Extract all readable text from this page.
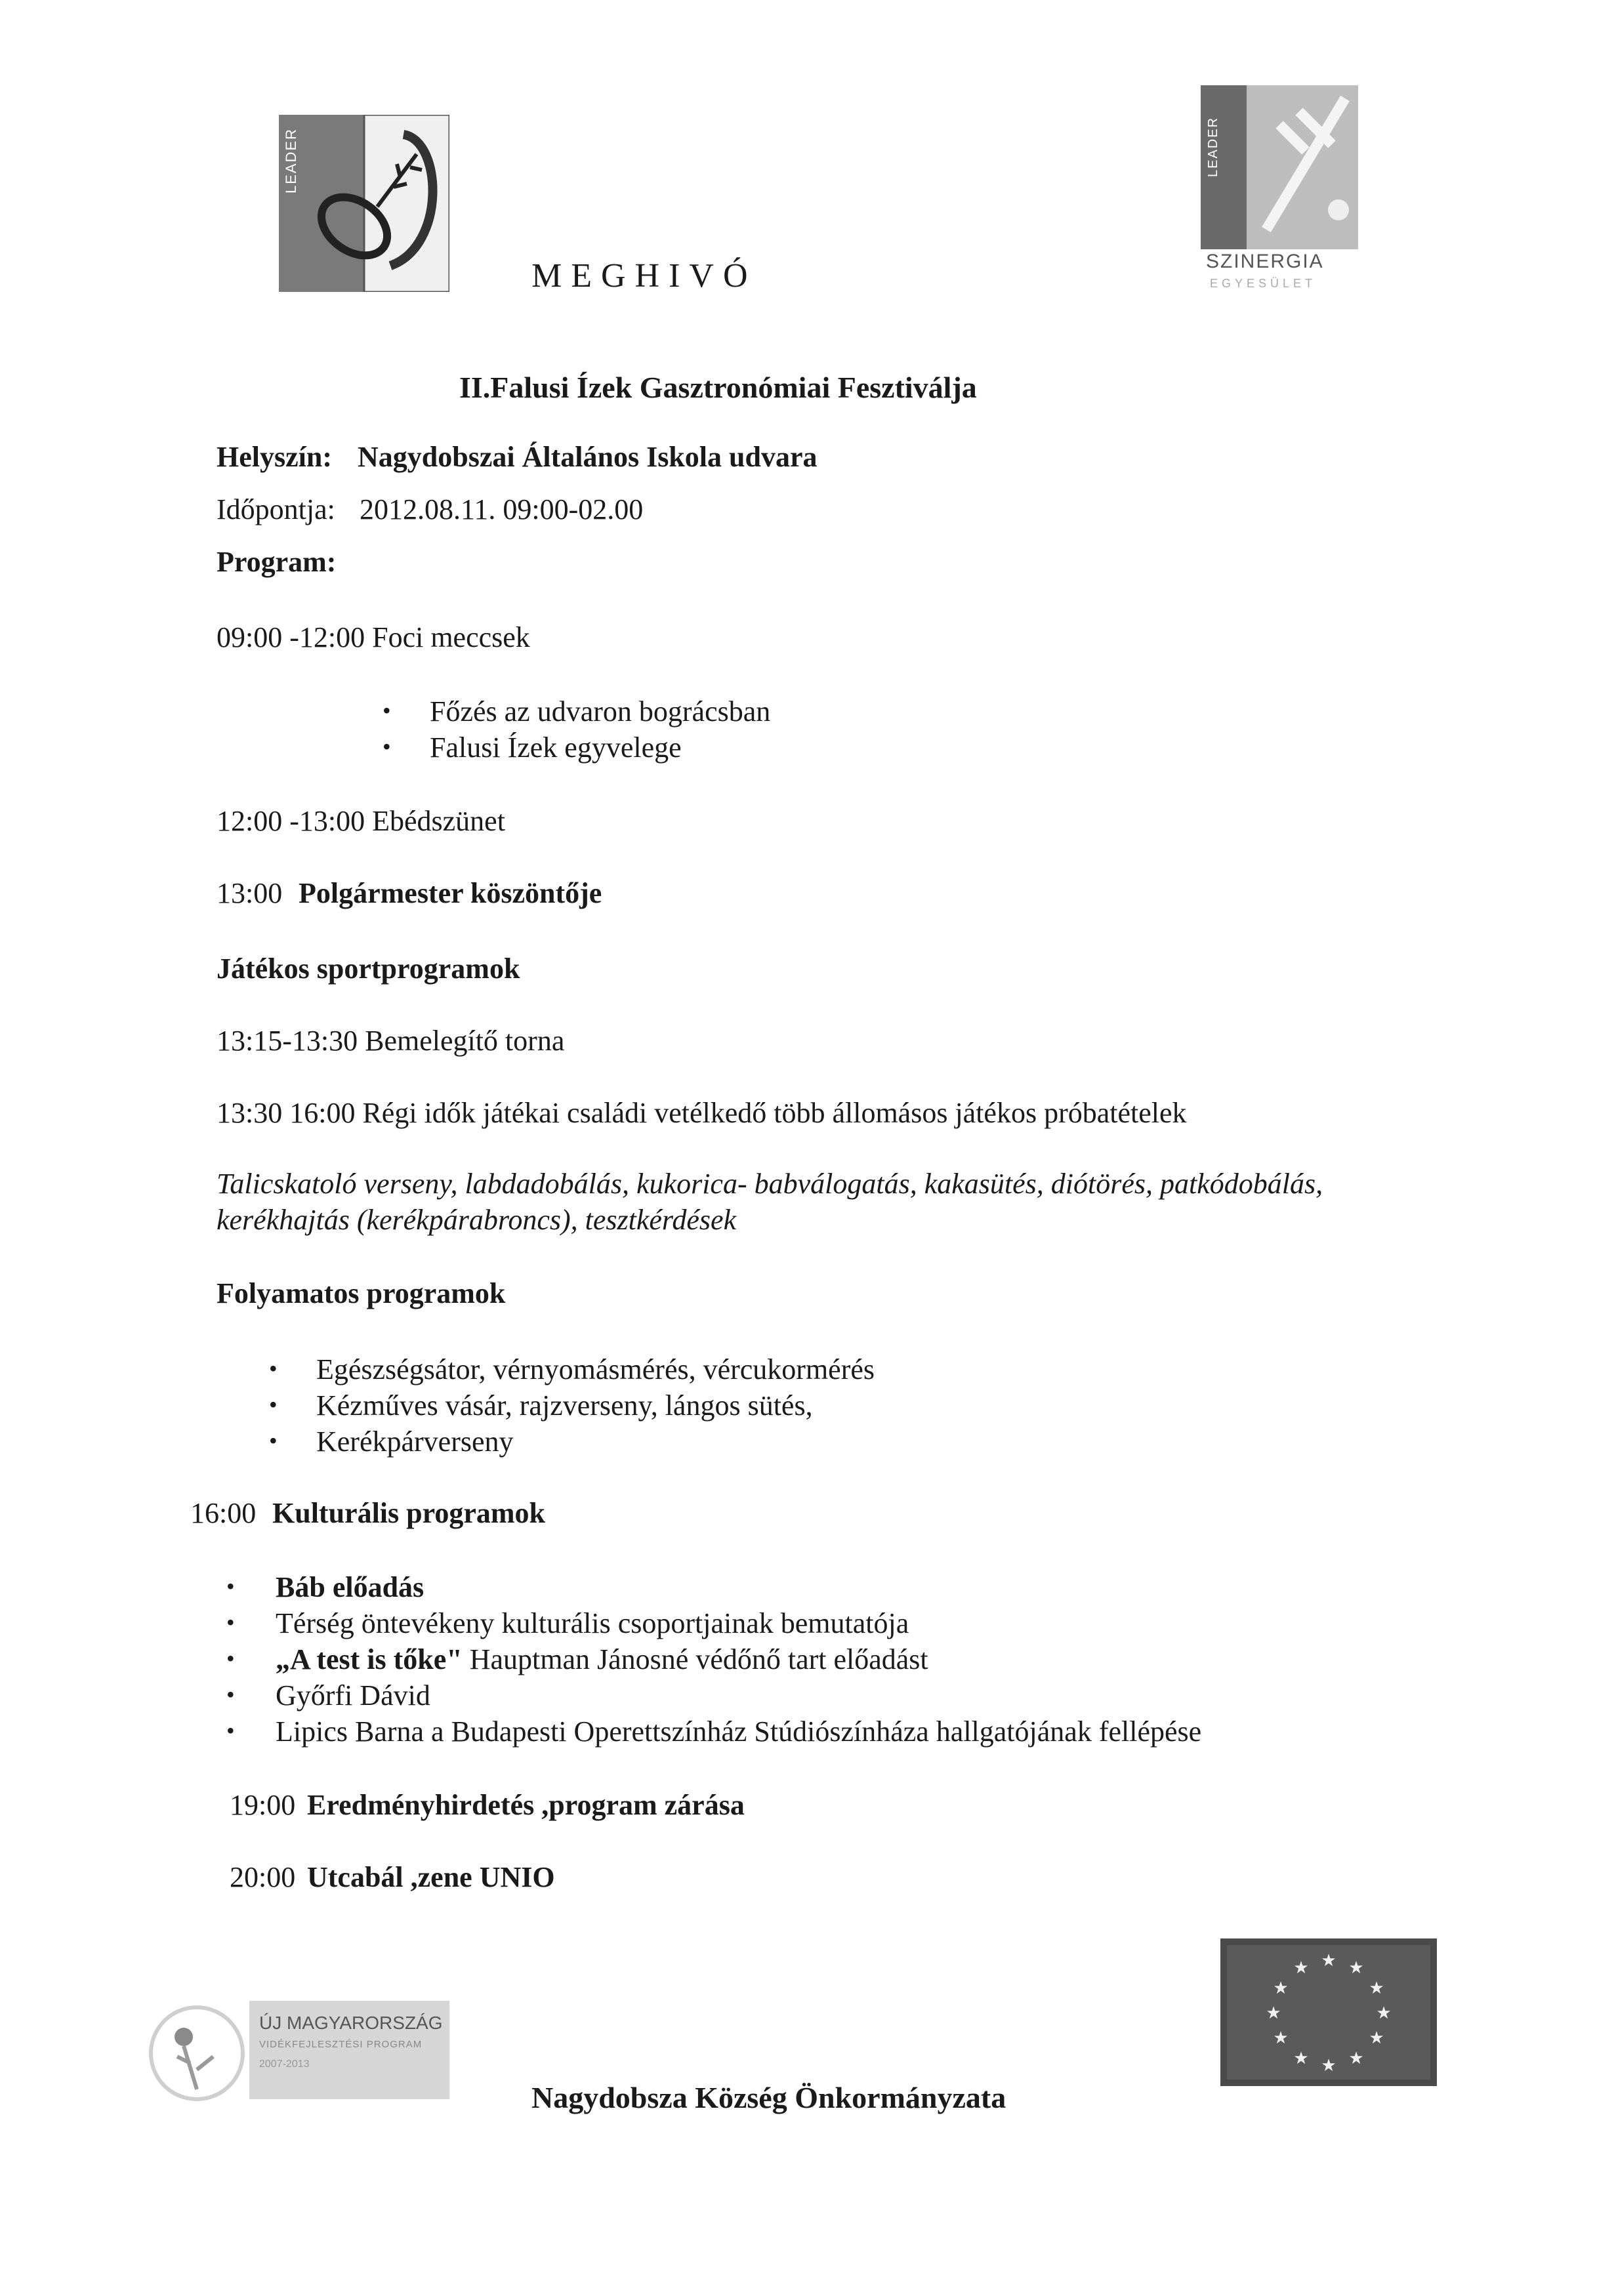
LEADER	LEADER
SZINERGIA
EGYESÜLET
MEGHIVÓ
II.Falusi Ízek Gasztronómiai Fesztiválja
Helyszín: Nagydobszai Általános Iskola udvara
Időpontja: 2012.08.11. 09:00-02.00
Program:
09:00 -12:00 Foci meccsek
• Főzés az udvaron bográcsban
• Falusi Ízek egyvelege
12:00 -13:00 Ebédszünet
13:00 Polgármester köszöntője
Játékos sportprogramok
13:15-13:30 Bemelegítő torna
13:30 16:00 Régi idők játékai családi vetélkedő több állomásos játékos próbatételek
Talicskatoló verseny, labdadobálás, kukorica- babválogatás, kakasütés, diótörés, patkódobálás,
kerékhajtás (kerékpárabroncs), tesztkérdések
Folyamatos programok
• Egészségsátor, vérnyomásmérés, vércukormérés
• Kézműves vásár, rajzverseny, lángos sütés,
• Kerékpárverseny
16:00 Kulturális programok
• Báb előadás
• Térség öntevékeny kulturális csoportjainak bemutatója
• „A test is tőke" Hauptman Jánosné védőnő tart előadást
• Győrfi Dávid
• Lipics Barna a Budapesti Operettszínház Stúdiószínháza hallgatójának fellépése
19:00 Eredményhirdetés ,program zárása
20:00 Utcabál ,zene UNIO
ÚJ MAGYARORSZÁG
VIDÉKFEJLESZTÉSI PROGRAM
2007-2013
★ ★
★
★
★
★
★
★
★
★
★
★
Nagydobsza Község Önkormányzata
